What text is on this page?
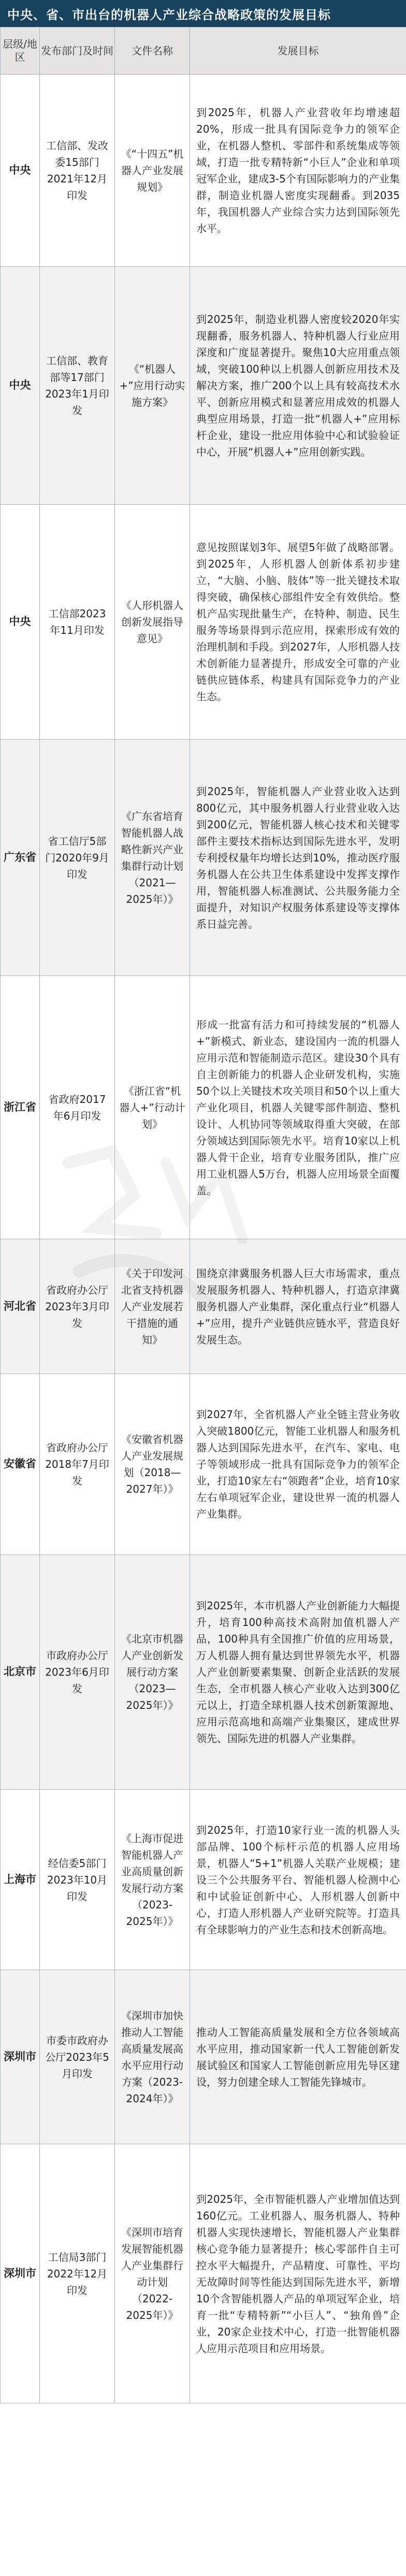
中央、省、市出台的机器人产业综合战略政策的发展目标
层级/地区	发布部门及时间	文件名称	发展目标
中央	工信部、发改委15部门2021年12月印发	《“十四五”机器人产业发展规划》	到2025年，机器人产业营收年均增速超20%，形成一批具有国际竞争力的领军企业，在机器人整机、零部件和系统集成等领域，打造一批专精特新“小巨人”企业和单项冠军企业，建成3-5个有国际影响力的产业集群，制造业机器人密度实现翻番。到2035年，我国机器人产业综合实力达到国际领先水平。
中央	工信部、教育部等17部门2023年1月印发	《“机器人+”应用行动实施方案》	到2025年，制造业机器人密度较2020年实现翻番，服务机器人、特种机器人行业应用深度和广度显著提升。聚焦10大应用重点领域，突破100种以上机器人创新应用技术及解决方案，推广200个以上具有较高技术水平、创新应用模式和显著应用成效的机器人典型应用场景，打造一批“机器人+”应用标杆企业，建设一批应用体验中心和试验验证中心，开展“机器人+”应用创新实践。
中央	工信部2023年11月印发	《人形机器人创新发展指导意见》	意见按照谋划3年、展望5年做了战略部署。到2025年，人形机器人创新体系初步建立，“大脑、小脑、肢体”等一批关键技术取得突破，确保核心部组件安全有效供给。整机产品实现批量生产，在特种、制造、民生服务等场景得到示范应用，探索形成有效的治理机制和手段。到2027年，人形机器人技术创新能力显著提升，形成安全可靠的产业链供应链体系，构建具有国际竞争力的产业生态。
广东省	省工信厅5部门2020年9月印发	《广东省培育智能机器人战略性新兴产业集群行动计划（2021—2025年）》	到2025年，智能机器人产业营业收入达到800亿元，其中服务机器人行业营业收入达到200亿元，智能机器人核心技术和关键零部件主要技术指标达到国际先进水平，发明专利授权量年均增长达到10%，推动医疗服务机器人在公共卫生体系建设中发挥支撑作用，智能机器人标准测试、公共服务能力全面提升，对知识产权服务体系建设等支撑体系日益完善。
浙江省	省政府2017年6月印发	《浙江省“机器人+”行动计划》	形成一批富有活力和可持续发展的“机器人+”新模式、新业态，建设国内一流的机器人应用示范和智能制造示范区。建设30个具有自主创新能力的机器人企业研发机构，实施50个以上关键技术攻关项目和50个以上重大产业化项目，机器人关键零部件制造、整机设计、人机协同等领域取得重大突破，在部分领域达到国际领先水平。培育10家以上机器人骨干企业，培育专业服务团队，推广应用工业机器人5万台，机器人应用场景全面覆盖。
河北省	省政府办公厅2023年3月印发	《关于印发河北省支持机器人产业发展若干措施的通知》	围绕京津冀服务机器人巨大市场需求，重点发展服务机器人、特种机器人，打造京津冀服务机器人产业集群，深化重点行业“机器人+”应用，提升产业链供应链水平，营造良好发展生态。
安徽省	省政府办公厅2018年7月印发	《安徽省机器人产业发展规划（2018—2027年）》	到2027年，全省机器人产业全链主营业务收入突破1800亿元，智能工业机器人和服务机器人达到国际先进水平，在汽车、家电、电子等领域形成一批具有国际竞争力的领军企业，打造10家左右“领跑者”企业，培育10家左右单项冠军企业，建设世界一流的机器人产业集群。
北京市	市政府办公厅2023年6月印发	《北京市机器人产业创新发展行动方案（2023—2025年）》	到2025年，本市机器人产业创新能力大幅提升，培育100种高技术高附加值机器人产品，100种具有全国推广价值的应用场景，万人机器人拥有量达到世界领先水平，机器人产业创新要素集聚、创新企业活跃的发展生态，全市机器人核心产业收入达到300亿元以上，打造全球机器人技术创新策源地、应用示范高地和高端产业集聚区，建成世界领先、国际先进的机器人产业集群。
上海市	经信委5部门2023年10月印发	《上海市促进智能机器人产业高质量创新发展行动方案（2023-2025年）》	到2025年，打造10家行业一流的机器人头部品牌、100个标杆示范的机器人应用场景，机器人“5+1”机器人关联产业规模；建设三个公共服务平台、智能机器人检测中心和中试验证创新中心、人形机器人创新中心，打造人形机器人产业研究院等。打造具有全球影响力的产业生态和技术创新高地。
深圳市	市委市政府办公厅2023年5月印发	《深圳市加快推动人工智能高质量发展高水平应用行动方案（2023-2024年）》	推动人工智能高质量发展和全方位各领域高水平应用，推动国家新一代人工智能创新发展试验区和国家人工智能创新应用先导区建设，努力创建全球人工智能先锋城市。
深圳市	工信局3部门2022年12月印发	《深圳市培育发展智能机器人产业集群行动计划（2022-2025年）》	到2025年，全市智能机器人产业增加值达到160亿元。工业机器人、服务机器人、特种机器人实现快速增长，智能机器人产业集群核心竞争能力显著提升；核心零部件自主可控水平大幅提升，产品精度、可靠性、平均无故障时间等性能达到国际先进水平，新增10个含智能机器人产品的单项冠军企业，培育一批“专精特新”“小巨人”、“独角兽”企业，20家企业技术中心，打造一批智能机器人应用示范项目和应用场景。
